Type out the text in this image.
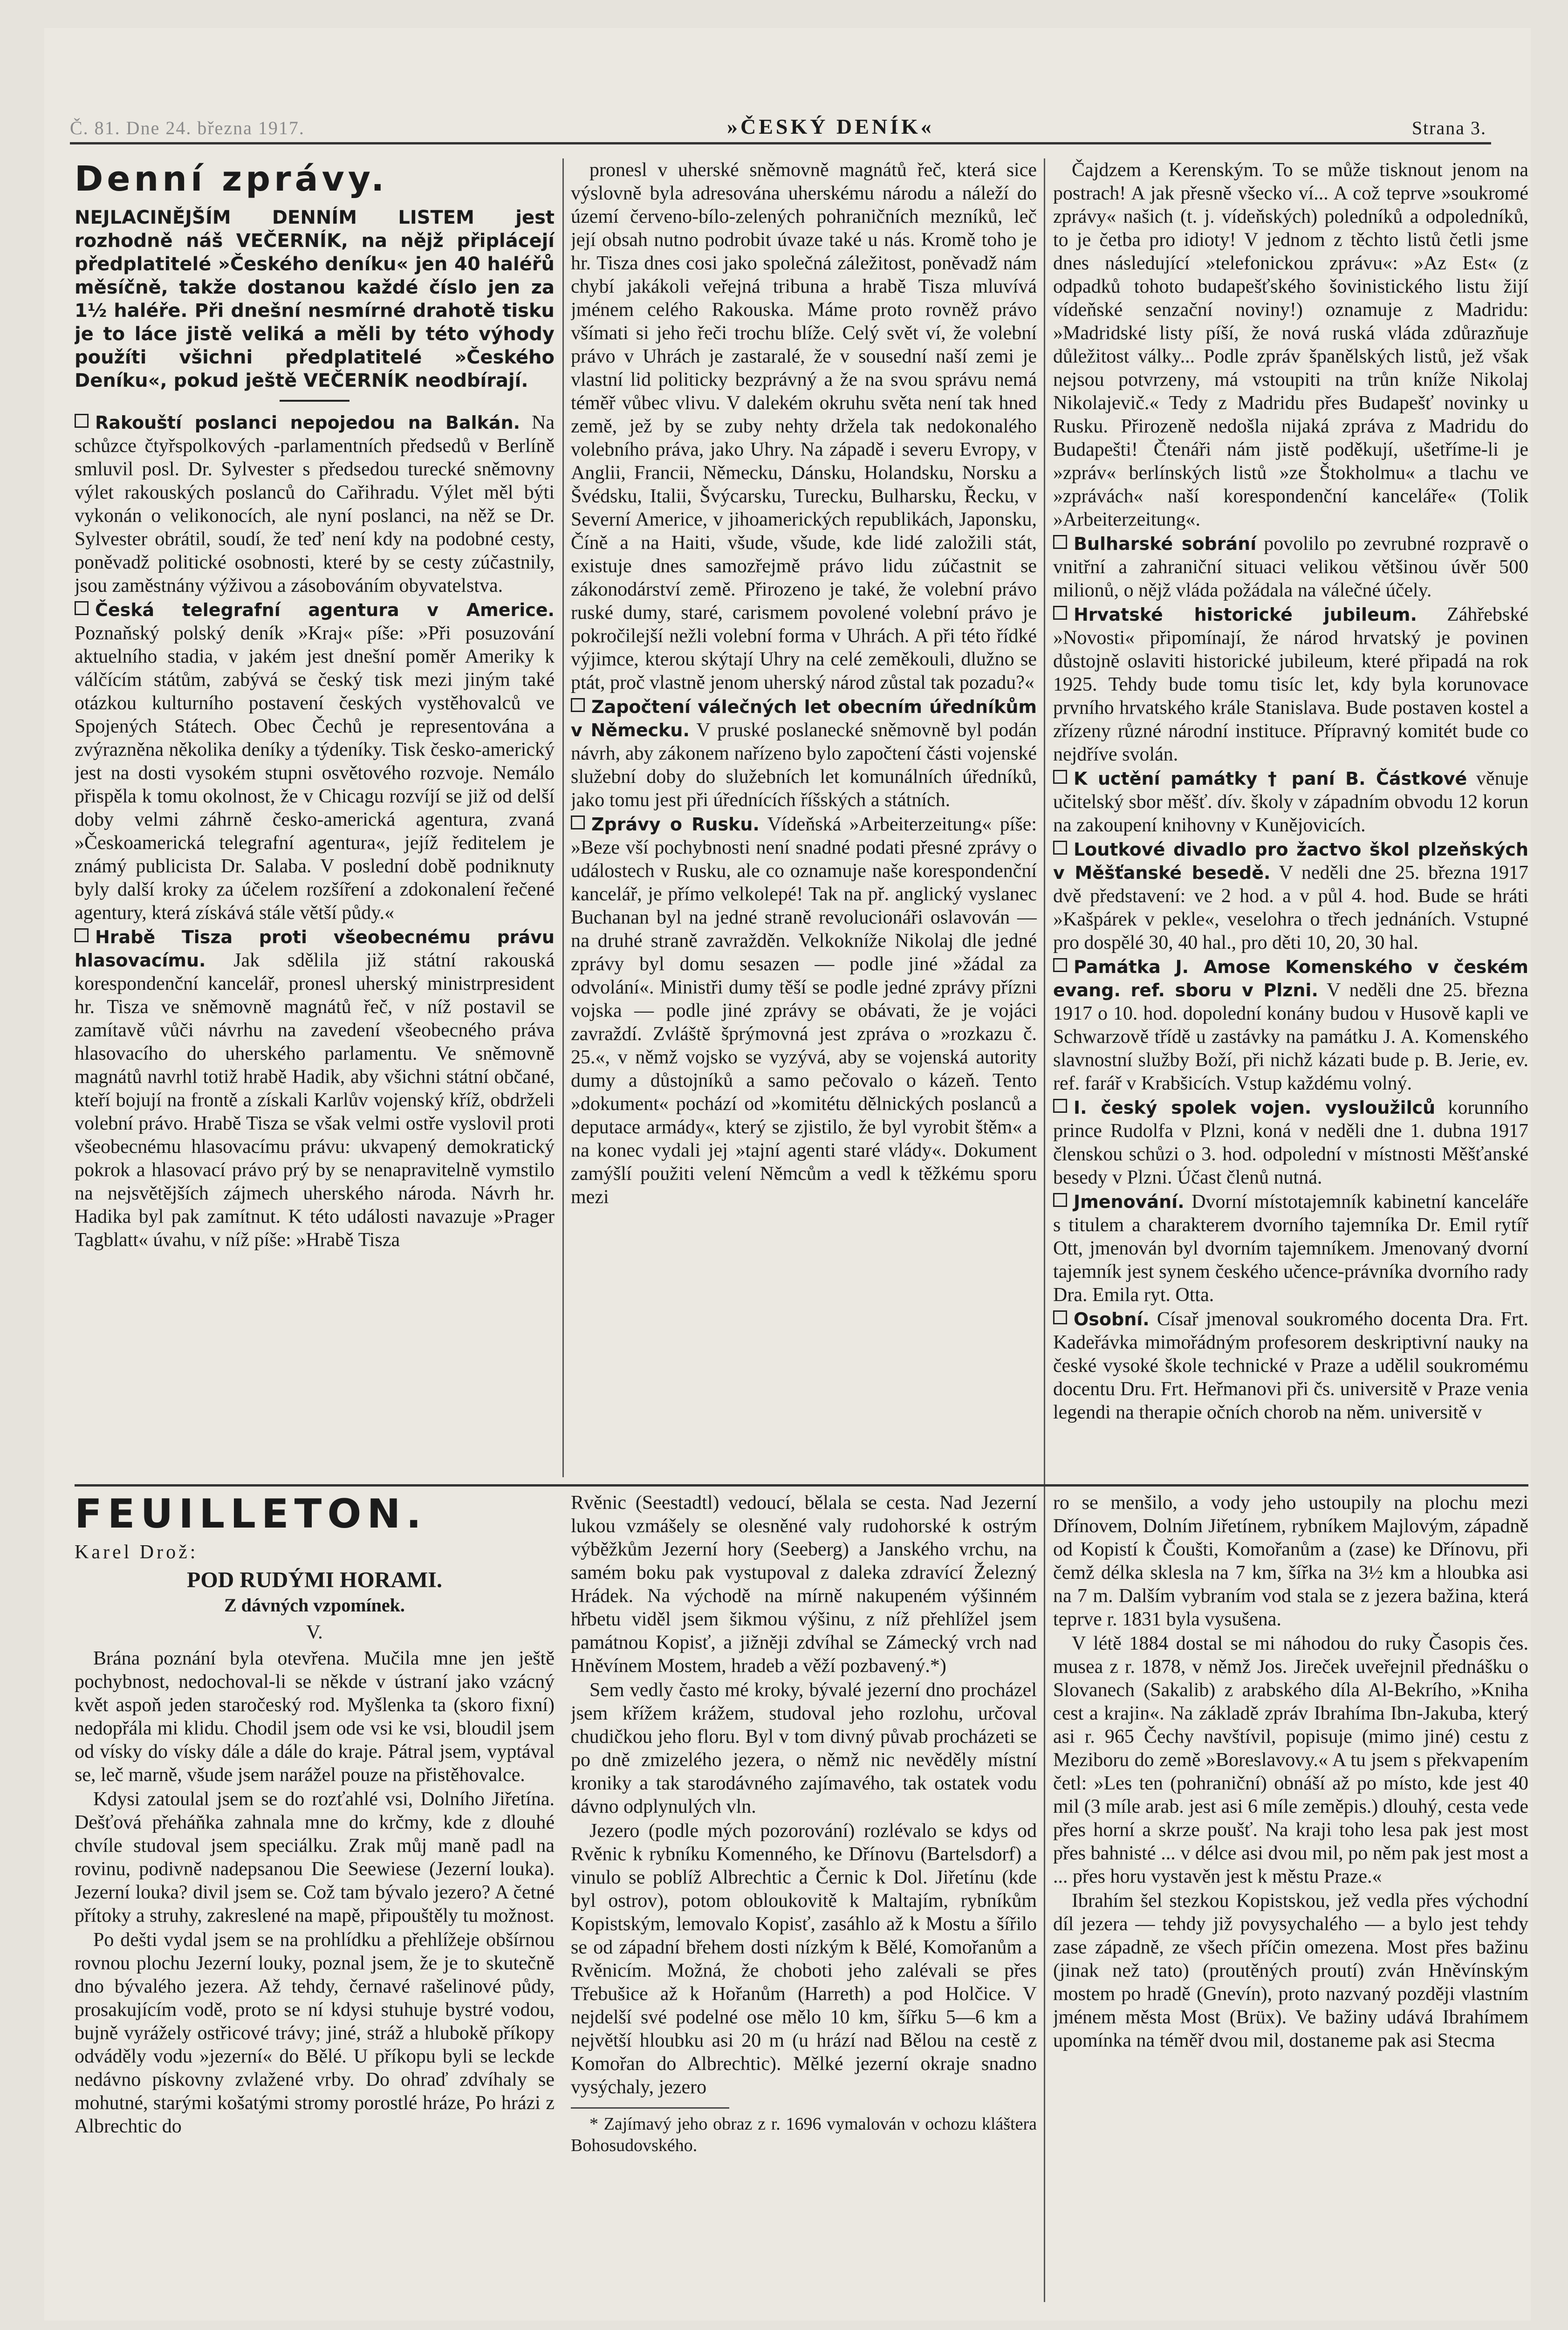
Č. 81. Dne 24. března 1917.	»ČESKÝ DENÍK«	Strana 3.
Denní zprávy.
NEJLACINĚJŠÍM DENNÍM LISTEM jest rozhodně náš VEČERNÍK, na nějž připlácejí předplatitelé »Českého deníku« jen 40 haléřů měsíčně, takže dostanou každé číslo jen za 1½ haléře. Při dnešní nesmírné drahotě tisku je to láce jistě veliká a měli by této výhody použíti všichni předplatitelé »Českého Deníku«, pokud ještě VEČERNÍK neodbírají.

Rakouští poslanci nepojedou na Balkán. Na schůzce čtyřspolkových -parlamentních předsedů v Berlíně smluvil posl. Dr. Sylvester s předsedou turecké sněmovny výlet rakouských poslanců do Cařihradu. Výlet měl býti vykonán o velikonocích, ale nyní poslanci, na něž se Dr. Sylvester obrátil, soudí, že teď není kdy na podobné cesty, poněvadž politické osobnosti, které by se cesty zúčastnily, jsou zaměstnány výživou a zásobováním obyvatelstva.

Česká telegrafní agentura v Americe. Poznaňský polský deník »Kraj« píše: »Při posuzování aktuelního stadia, v jakém jest dnešní poměr Ameriky k válčícím státům, zabývá se český tisk mezi jiným také otázkou kulturního postavení českých vystěhovalců ve Spojených Státech. Obec Čechů je representována a zvýrazněna několika deníky a týdeníky. Tisk česko-americký jest na dosti vysokém stupni osvětového rozvoje. Nemálo přispěla k tomu okolnost, že v Chicagu rozvíjí se již od delší doby velmi záhrně česko-americká agentura, zvaná »Českoamerická telegrafní agentura«, jejíž ředitelem je známý publicista Dr. Salaba. V poslední době podniknuty byly další kroky za účelem rozšíření a zdokonalení řečené agentury, která získává stále větší půdy.«

Hrabě Tisza proti všeobecnému právu hlasovacímu. Jak sdělila již státní rakouská korespondenční kancelář, pronesl uherský ministrpresident hr. Tisza ve sněmovně magnátů řeč, v níž postavil se zamítavě vůči návrhu na zavedení všeobecného práva hlasovacího do uherského parlamentu. Ve sněmovně magnátů navrhl totiž hrabě Hadik, aby všichni státní občané, kteří bojují na frontě a získali Karlův vojenský kříž, obdrželi volební právo. Hrabě Tisza se však velmi ostře vyslovil proti všeobecnému hlasovacímu právu: ukvapený demokratický pokrok a hlasovací právo prý by se nenapravitelně vymstilo na nejsvětějších zájmech uherského národa. Návrh hr. Hadika byl pak zamítnut. K této události navazuje »Prager Tagblatt« úvahu, v níž píše: »Hrabě Tisza

pronesl v uherské sněmovně magnátů řeč, která sice výslovně byla adresována uherskému národu a náleží do území červeno-bílo-zelených pohraničních mezníků, leč její obsah nutno podrobit úvaze také u nás. Kromě toho je hr. Tisza dnes cosi jako společná záležitost, poněvadž nám chybí jakákoli veřejná tribuna a hrabě Tisza mluvívá jménem celého Rakouska. Máme proto rovněž právo všímati si jeho řeči trochu blíže. Celý svět ví, že volební právo v Uhrách je zastaralé, že v sousední naší zemi je vlastní lid politicky bezprávný a že na svou správu nemá téměř vůbec vlivu. V dalekém okruhu světa není tak hned země, jež by se zuby nehty držela tak nedokonalého volebního práva, jako Uhry. Na západě i severu Evropy, v Anglii, Francii, Německu, Dánsku, Holandsku, Norsku a Švédsku, Italii, Švýcarsku, Turecku, Bulharsku, Řecku, v Severní Americe, v jihoamerických republikách, Japonsku, Číně a na Haiti, všude, všude, kde lidé založili stát, existuje dnes samozřejmě právo lidu zúčastnit se zákonodárství země. Přirozeno je také, že volební právo ruské dumy, staré, carismem povolené volební právo je pokročilejší nežli volební forma v Uhrách. A při této řídké výjimce, kterou skýtají Uhry na celé zeměkouli, dlužno se ptát, proč vlastně jenom uherský národ zůstal tak pozadu?«

Započtení válečných let obecním úředníkům v Německu. V pruské poslanecké sněmovně byl podán návrh, aby zákonem nařízeno bylo započtení části vojenské služební doby do služebních let komunálních úředníků, jako tomu jest při úřednících říšských a státních.

Zprávy o Rusku. Vídeňská »Arbeiterzeitung« píše: »Beze vší pochybnosti není snadné podati přesné zprávy o událostech v Rusku, ale co oznamuje naše korespondenční kancelář, je přímo velkolepé! Tak na př. anglický vyslanec Buchanan byl na jedné straně revolucionáři oslavován — na druhé straně zavražděn. Velkokníže Nikolaj dle jedné zprávy byl domu sesazen — podle jiné »žádal za odvolání«. Ministři dumy těší se podle jedné zprávy přízni vojska — podle jiné zprávy se obávati, že je vojáci zavraždí. Zvláště šprýmovná jest zpráva o »rozkazu č. 25.«, v němž vojsko se vyzývá, aby se vojenská autority dumy a důstojníků a samo pečovalo o kázeň. Tento »dokument« pochází od »komitétu dělnických poslanců a deputace armády«, který se zjistilo, že byl vyrobit štěm« a na konec vydali jej »tajní agenti staré vlády«. Dokument zamýšlí použiti velení Němcům a vedl k těžkému sporu mezi

Čajdzem a Kerenským. To se může tisknout jenom na postrach! A jak přesně všecko ví... A což teprve »soukromé zprávy« našich (t. j. vídeňských) poledníků a odpoledníků, to je četba pro idioty! V jednom z těchto listů četli jsme dnes následující »telefonickou zprávu«: »Az Est« (z odpadků tohoto budapešťského šovinistického listu žijí vídeňské senzační noviny!) oznamuje z Madridu: »Madridské listy píší, že nová ruská vláda zdůrazňuje důležitost války... Podle zpráv španělských listů, jež však nejsou potvrzeny, má vstoupiti na trůn kníže Nikolaj Nikolajevič.« Tedy z Madridu přes Budapešť novinky u Rusku. Přirozeně nedošla nijaká zpráva z Madridu do Budapešti! Čtenáři nám jistě poděkují, ušetříme-li je »zpráv« berlínských listů »ze Štokholmu« a tlachu ve »zprávách« naší korespondenční kanceláře« (Tolik »Arbeiterzeitung«.

Bulharské sobrání povolilo po zevrubné rozpravě o vnitřní a zahraniční situaci velikou většinou úvěr 500 milionů, o nějž vláda požádala na válečné účely.

Hrvatské historické jubileum. Záhřebské »Novosti« připomínají, že národ hrvatský je povinen důstojně oslaviti historické jubileum, které připadá na rok 1925. Tehdy bude tomu tisíc let, kdy byla korunovace prvního hrvatského krále Stanislava. Bude postaven kostel a zřízeny různé národní instituce. Přípravný komitét bude co nejdříve svolán.

K uctění památky † paní B. Částkové věnuje učitelský sbor měšť. dív. školy v západním obvodu 12 korun na zakoupení knihovny v Kunějovicích.

Loutkové divadlo pro žactvo škol plzeňských v Měšťanské besedě. V neděli dne 25. března 1917 dvě představení: ve 2 hod. a v půl 4. hod. Bude se hráti »Kašpárek v pekle«, veselohra o třech jednáních. Vstupné pro dospělé 30, 40 hal., pro děti 10, 20, 30 hal.

Památka J. Amose Komenského v českém evang. ref. sboru v Plzni. V neděli dne 25. března 1917 o 10. hod. dopolední konány budou v Husově kapli ve Schwarzově třídě u zastávky na památku J. A. Komenského slavnostní služby Boží, při nichž kázati bude p. B. Jerie, ev. ref. farář v Krabšicích. Vstup každému volný.

I. český spolek vojen. vysloužilců korunního prince Rudolfa v Plzni, koná v neděli dne 1. dubna 1917 členskou schůzi o 3. hod. odpolední v místnosti Měšťanské besedy v Plzni. Účast členů nutná.

Jmenování. Dvorní místotajemník kabinetní kanceláře s titulem a charakterem dvorního tajemníka Dr. Emil rytíř Ott, jmenován byl dvorním tajemníkem. Jmenovaný dvorní tajemník jest synem českého učence-právníka dvorního rady Dra. Emila ryt. Otta.

Osobní. Císař jmenoval soukromého docenta Dra. Frt. Kadeřávka mimořádným profesorem deskriptivní nauky na české vysoké škole technické v Praze a udělil soukromému docentu Dru. Frt. Heřmanovi při čs. universitě v Praze venia legendi na therapie očních chorob na něm. universitě v

FEUILLETON.
Karel Drož:
POD RUDÝMI HORAMI.
Z dávných vzpomínek.
V.

Brána poznání byla otevřena. Mučila mne jen ještě pochybnost, nedochoval-li se někde v ústraní jako vzácný květ aspoň jeden staročeský rod. Myšlenka ta (skoro fixní) nedopřála mi klidu. Chodil jsem ode vsi ke vsi, bloudil jsem od vísky do vísky dále a dále do kraje. Pátral jsem, vyptával se, leč marně, všude jsem narážel pouze na přistěhovalce.

Kdysi zatoulal jsem se do rozťahlé vsi, Dolního Jiřetína. Dešťová přeháňka zahnala mne do krčmy, kde z dlouhé chvíle studoval jsem speciálku. Zrak můj maně padl na rovinu, podivně nadepsanou Die Seewiese (Jezerní louka). Jezerní louka? divil jsem se. Což tam bývalo jezero? A četné přítoky a struhy, zakreslené na mapě, připouštěly tu možnost.

Po dešti vydal jsem se na prohlídku a přehlížeje obšírnou rovnou plochu Jezerní louky, poznal jsem, že je to skutečně dno bývalého jezera. Až tehdy, černavé rašelinové půdy, prosakujícím vodě, proto se ní kdysi stuhuje bystré vodou, bujně vyrážely ostřicové trávy; jiné, stráž a hlubokě příkopy odváděly vodu »jezerní« do Bělé. U příkopu byli se leckde nedávno pískovny zvlažené vrby. Do ohraď zdvíhaly se mohutné, starými košatými stromy porostlé hráze, Po hrázi z Albrechtic do

Rvěnic (Seestadtl) vedoucí, bělala se cesta. Nad Jezerní lukou vzmášely se olesněné valy rudohorské k ostrým výběžkům Jezerní hory (Seeberg) a Janského vrchu, na samém boku pak vystupoval z daleka zdravící Železný Hrádek. Na východě na mírně nakupeném výšinném hřbetu viděl jsem šikmou výšinu, z níž přehlížel jsem památnou Kopisť, a jižněji zdvíhal se Zámecký vrch nad Hněvínem Mostem, hradeb a věží pozbavený.*)

Sem vedly často mé kroky, bývalé jezerní dno procházel jsem křížem krážem, studoval jeho rozlohu, určoval chudičkou jeho floru. Byl v tom divný půvab procházeti se po dně zmizelého jezera, o němž nic nevěděly místní kroniky a tak starodávného zajímavého, tak ostatek vodu dávno odplynulých vln.

Jezero (podle mých pozorování) rozlévalo se kdys od Rvěnic k rybníku Komenného, ke Dřínovu (Bartelsdorf) a vinulo se poblíž Albrechtic a Černic k Dol. Jiřetínu (kde byl ostrov), potom obloukovitě k Maltajím, rybníkům Kopistským, lemovalo Kopisť, zasáhlo až k Mostu a šířilo se od západní břehem dosti nízkým k Bělé, Komořanům a Rvěnicím. Možná, že choboti jeho zalévali se přes Třebušice až k Hořanům (Harreth) a pod Holčice. V nejdelší své podelné ose mělo 10 km, šířku 5—6 km a největší hloubku asi 20 m (u hrází nad Bělou na cestě z Komořan do Albrechtic). Mělké jezerní okraje snadno vysýchaly, jezero

* Zajímavý jeho obraz z r. 1696 vymalován v ochozu kláštera Bohosudovského.

ro se menšilo, a vody jeho ustoupily na plochu mezi Dřínovem, Dolním Jiřetínem, rybníkem Majlovým, západně od Kopistí k Čoušti, Komořanům a (zase) ke Dřínovu, při čemž délka sklesla na 7 km, šířka na 3½ km a hloubka asi na 7 m. Dalším vybraním vod stala se z jezera bažina, která teprve r. 1831 byla vysušena.

V létě 1884 dostal se mi náhodou do ruky Časopis čes. musea z r. 1878, v němž Jos. Jireček uveřejnil přednášku o Slovanech (Sakalib) z arabského díla Al-Bekrího, »Kniha cest a krajin«. Na základě zpráv Ibrahíma Ibn-Jakuba, který asi r. 965 Čechy navštívil, popisuje (mimo jiné) cestu z Meziboru do země »Boreslavovy.« A tu jsem s překvapením četl: »Les ten (pohraniční) obnáší až po místo, kde jest 40 mil (3 míle arab. jest asi 6 míle zeměpis.) dlouhý, cesta vede přes horní a skrze poušť. Na kraji toho lesa pak jest most přes bahnisté ... v délce asi dvou mil, po něm pak jest most a ... přes horu vystavěn jest k městu Praze.«

Ibrahím šel stezkou Kopistskou, jež vedla přes východní díl jezera — tehdy již povysychalého — a bylo jest tehdy zase západně, ze všech příčin omezena. Most přes bažinu (jinak než tato) (proutěných proutí) zván Hněvínským mostem po hradě (Gnevín), proto nazvaný později vlastním jménem města Most (Brüx). Ve bažiny udává Ibrahímem upomínka na téměř dvou mil, dostaneme pak asi Stecma
